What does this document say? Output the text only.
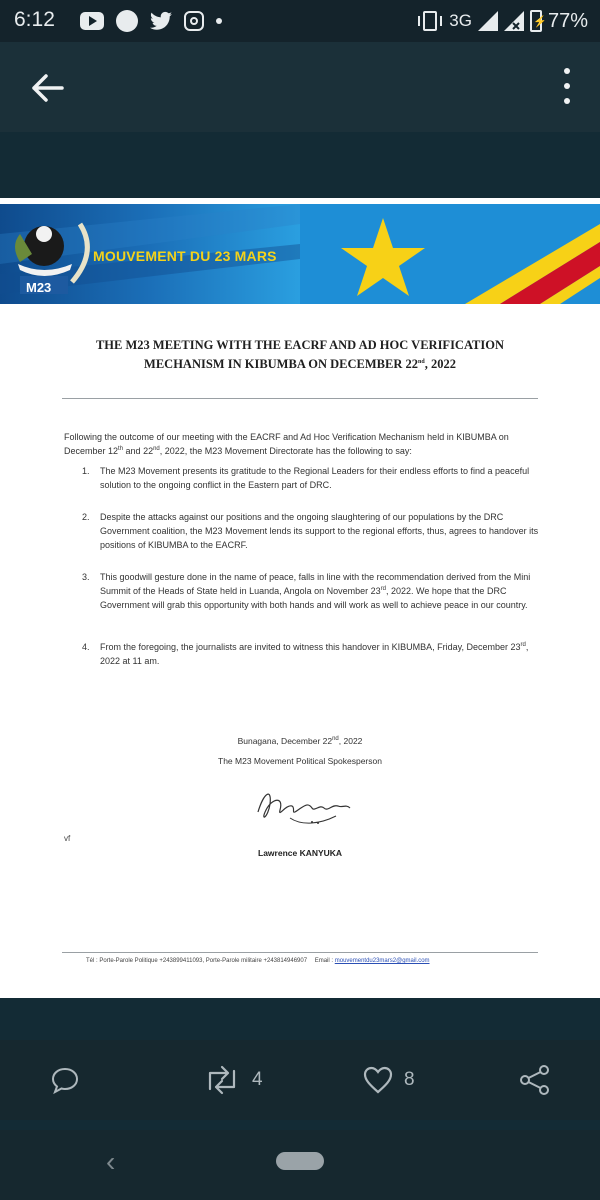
6:12	3G	⚡ 77%
MOUVEMENT DU 23 MARS
M23
THE M23 MEETING WITH THE EACRF AND AD HOC VERIFICATION
MECHANISM IN KIBUMBA ON DECEMBER 22nd, 2022
Following the outcome of our meeting with the EACRF and Ad Hoc Verification Mechanism held in KIBUMBA on December 12th and 22nd, 2022, the M23 Movement Directorate has the following to say:
1. The M23 Movement presents its gratitude to the Regional Leaders for their endless efforts to find a peaceful solution to the ongoing conflict in the Eastern part of DRC.
2. Despite the attacks against our positions and the ongoing slaughtering of our populations by the DRC Government coalition, the M23 Movement lends its support to the regional efforts, thus, agrees to handover its positions of KIBUMBA to the EACRF.
3. This goodwill gesture done in the name of peace, falls in line with the recommendation derived from the Mini Summit of the Heads of State held in Luanda, Angola on November 23rd, 2022. We hope that the DRC Government will grab this opportunity with both hands and will work as well to achieve peace in our country.
4. From the foregoing, the journalists are invited to witness this handover in KIBUMBA, Friday, December 23rd, 2022 at 11 am.
Bunagana, December 22nd, 2022
The M23 Movement Political Spokesperson
vf
Lawrence KANYUKA
Tél : Porte-Parole Politique +243899411093, Porte-Parole militaire +243814946907 Email : mouvementdu23mars2@gmail.com
4	8
‹
